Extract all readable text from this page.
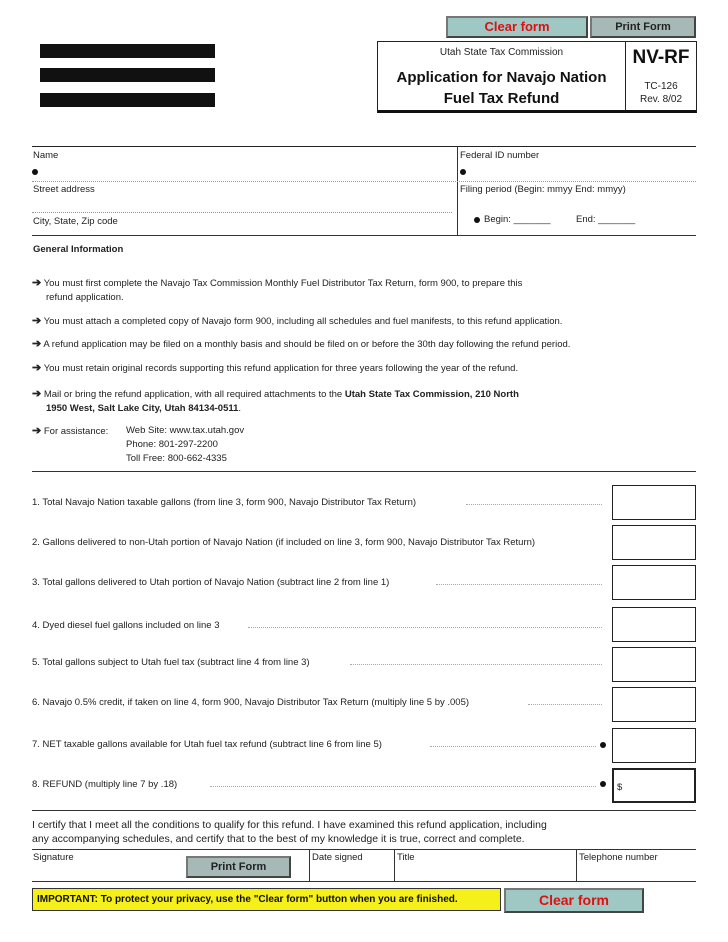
Clear form	Print Form
Utah State Tax Commission
Application for Navajo Nation
Fuel Tax Refund
NV-RF
TC-126
Rev. 8/02
Name	Federal ID number
Street address	Filing period (Begin: mmyy End: mmyy)
City, State, Zip code	Begin: _______	End: _______
General Information
➔ You must first complete the Navajo Tax Commission Monthly Fuel Distributor Tax Return, form 900, to prepare this
refund application.
➔ You must attach a completed copy of Navajo form 900, including all schedules and fuel manifests, to this refund application.
➔ A refund application may be filed on a monthly basis and should be filed on or before the 30th day following the refund period.
➔ You must retain original records supporting this refund application for three years following the year of the refund.
➔ Mail or bring the refund application, with all required attachments to the Utah State Tax Commission, 210 North
1950 West, Salt Lake City, Utah 84134-0511.
➔ For assistance: Web Site: www.tax.utah.gov
Phone: 801-297-2200
Toll Free: 800-662-4335
1. Total Navajo Nation taxable gallons (from line 3, form 900, Navajo Distributor Tax Return)
2. Gallons delivered to non-Utah portion of Navajo Nation (if included on line 3, form 900, Navajo Distributor Tax Return)
3. Total gallons delivered to Utah portion of Navajo Nation (subtract line 2 from line 1)
4. Dyed diesel fuel gallons included on line 3
5. Total gallons subject to Utah fuel tax (subtract line 4 from line 3)
6. Navajo 0.5% credit, if taken on line 4, form 900, Navajo Distributor Tax Return (multiply line 5 by .005)
7. NET taxable gallons available for Utah fuel tax refund (subtract line 6 from line 5)
8. REFUND (multiply line 7 by .18)	$
I certify that I meet all the conditions to qualify for this refund. I have examined this refund application, including
any accompanying schedules, and certify that to the best of my knowledge it is true, correct and complete.
Signature	Date signed	Title	Telephone number
Print Form
IMPORTANT: To protect your privacy, use the "Clear form" button when you are finished.	Clear form
